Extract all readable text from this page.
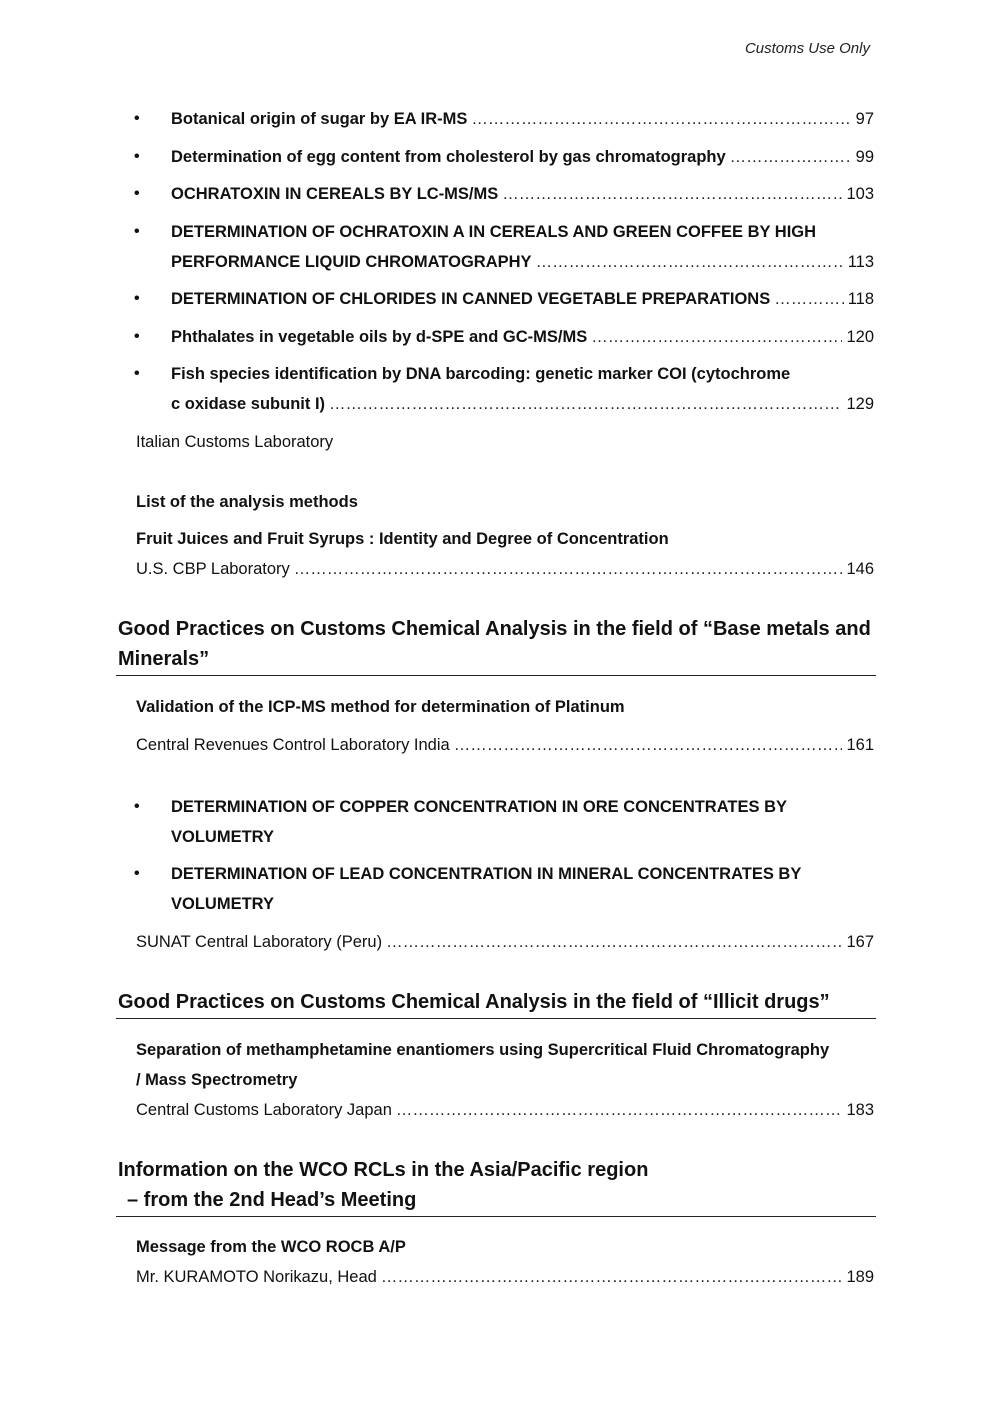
Customs Use Only
• Botanical origin of sugar by EA IR-MS ………………………………………………………………………………………………………………………………………………………………	97
• Determination of egg content from cholesterol by gas chromatography ………………………………………………………………………………………………………………………………………………………………	99
• OCHRATOXIN IN CEREALS BY LC-MS/MS ………………………………………………………………………………………………………………………………………………………………	103
• DETERMINATION OF OCHRATOXIN A IN CEREALS AND GREEN COFFEE BY HIGH
PERFORMANCE LIQUID CHROMATOGRAPHY ………………………………………………………………………………………………………………………………………………………………	113
• DETERMINATION OF CHLORIDES IN CANNED VEGETABLE PREPARATIONS ………………………………………………………………………………………………………………………………………………………………	118
• Phthalates in vegetable oils by d-SPE and GC-MS/MS ………………………………………………………………………………………………………………………………………………………………	120
• Fish species identification by DNA barcoding: genetic marker COI (cytochrome
c oxidase subunit I) ………………………………………………………………………………………………………………………………………………………………	129
Italian Customs Laboratory
List of the analysis methods
Fruit Juices and Fruit Syrups : Identity and Degree of Concentration
U.S. CBP Laboratory ………………………………………………………………………………………………………………………………………………………………	146
Good Practices on Customs Chemical Analysis in the field of “Base metals and
Minerals”
Validation of the ICP-MS method for determination of Platinum
Central Revenues Control Laboratory India ………………………………………………………………………………………………………………………………………………………………	161
• DETERMINATION OF COPPER CONCENTRATION IN ORE CONCENTRATES BY
VOLUMETRY
• DETERMINATION OF LEAD CONCENTRATION IN MINERAL CONCENTRATES BY
VOLUMETRY
SUNAT Central Laboratory (Peru) ………………………………………………………………………………………………………………………………………………………………	167
Good Practices on Customs Chemical Analysis in the field of “Illicit drugs”
Separation of methamphetamine enantiomers using Supercritical Fluid Chromatography
/ Mass Spectrometry
Central Customs Laboratory Japan ………………………………………………………………………………………………………………………………………………………………	183
Information on the WCO RCLs in the Asia/Pacific region
– from the 2nd Head’s Meeting
Message from the WCO ROCB A/P
Mr. KURAMOTO Norikazu, Head ………………………………………………………………………………………………………………………………………………………………	189
